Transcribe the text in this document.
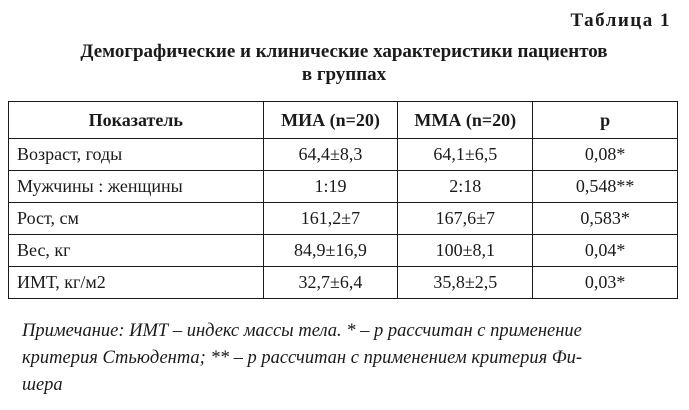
Таблица 1
Демографические и клинические характеристики пациентов
в группах
Показатель	МИА (n=20)	ММА (n=20)	p
Возраст, годы	64,4±8,3	64,1±6,5	0,08*
Мужчины : женщины	1:19	2:18	0,548**
Рост, см	161,2±7	167,6±7	0,583*
Вес, кг	84,9±16,9	100±8,1	0,04*
ИМТ, кг/м2	32,7±6,4	35,8±2,5	0,03*
Примечание: ИМТ – индекс массы тела. * – p рассчитан с применение
критерия Стьюдента; ** – p рассчитан с применением критерия Фи-
шера
